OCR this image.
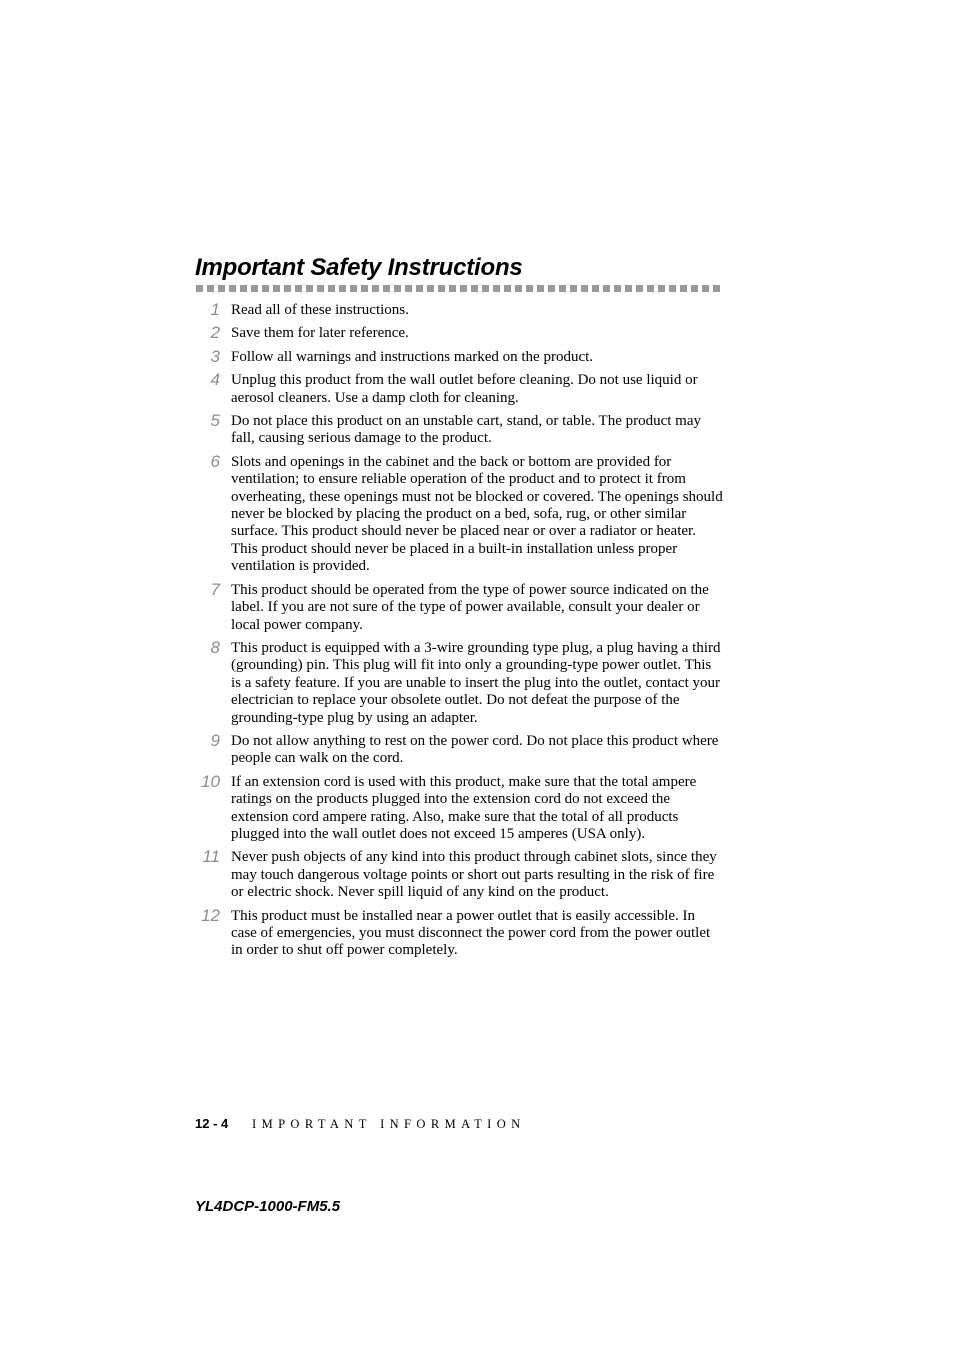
Important Safety Instructions
1 Read all of these instructions.
2 Save them for later reference.
3 Follow all warnings and instructions marked on the product.
4 Unplug this product from the wall outlet before cleaning. Do not use liquid or aerosol cleaners. Use a damp cloth for cleaning.
5 Do not place this product on an unstable cart, stand, or table. The product may fall, causing serious damage to the product.
6 Slots and openings in the cabinet and the back or bottom are provided for ventilation; to ensure reliable operation of the product and to protect it from overheating, these openings must not be blocked or covered. The openings should never be blocked by placing the product on a bed, sofa, rug, or other similar surface. This product should never be placed near or over a radiator or heater. This product should never be placed in a built-in installation unless proper ventilation is provided.
7 This product should be operated from the type of power source indicated on the label. If you are not sure of the type of power available, consult your dealer or local power company.
8 This product is equipped with a 3-wire grounding type plug, a plug having a third (grounding) pin. This plug will fit into only a grounding-type power outlet. This is a safety feature. If you are unable to insert the plug into the outlet, contact your electrician to replace your obsolete outlet. Do not defeat the purpose of the grounding-type plug by using an adapter.
9 Do not allow anything to rest on the power cord. Do not place this product where people can walk on the cord.
10 If an extension cord is used with this product, make sure that the total ampere ratings on the products plugged into the extension cord do not exceed the extension cord ampere rating. Also, make sure that the total of all products plugged into the wall outlet does not exceed 15 amperes (USA only).
11 Never push objects of any kind into this product through cabinet slots, since they may touch dangerous voltage points or short out parts resulting in the risk of fire or electric shock. Never spill liquid of any kind on the product.
12 This product must be installed near a power outlet that is easily accessible. In case of emergencies, you must disconnect the power cord from the power outlet in order to shut off power completely.
12 - 4 IMPORTANT INFORMATION
YL4DCP-1000-FM5.5
